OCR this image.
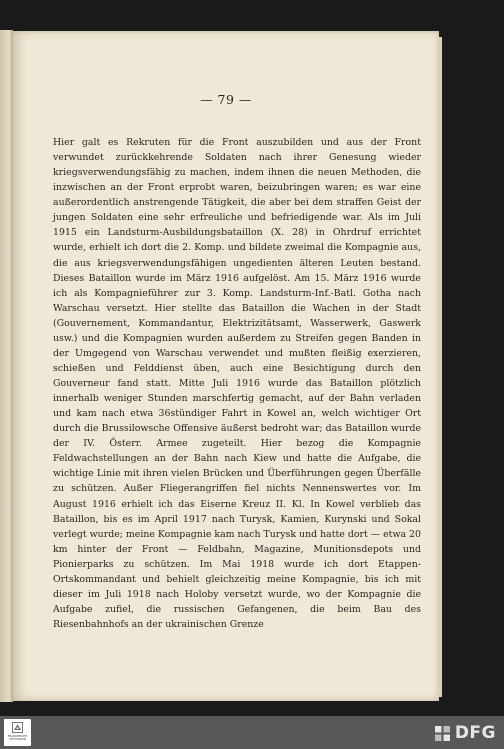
— 79 —

Hier galt es Rekruten für die Front auszubilden und aus der Front verwundet zurückkehrende Soldaten nach ihrer Genesung wieder kriegsverwendungsfähig zu machen, indem ihnen die neuen Methoden, die inzwischen an der Front erprobt waren, beizubringen waren; es war eine außerordentlich anstrengende Tätigkeit, die aber bei dem straffen Geist der jungen Soldaten eine sehr erfreuliche und befriedigende war. Als im Juli 1915 ein Landsturm-Ausbildungsbataillon (X. 28) in Ohrdruf errichtet wurde, erhielt ich dort die 2. Komp. und bildete zweimal die Kompagnie aus, die aus kriegsverwendungsfähigen ungedienten älteren Leuten bestand. Dieses Bataillon wurde im März 1916 aufgelöst. Am 15. März 1916 wurde ich als Kompagnieführer zur 3. Komp. Landsturm-Inf.-Batl. Gotha nach Warschau versetzt. Hier stellte das Bataillon die Wachen in der Stadt (Gouvernement, Kommandantur, Elektrizitätsamt, Wasserwerk, Gaswerk usw.) und die Kompagnien wurden außerdem zu Streifen gegen Banden in der Umgegend von Warschau verwendet und mußten fleißig exerzieren, schießen und Felddienst üben, auch eine Besichtigung durch den Gouverneur fand statt. Mitte Juli 1916 wurde das Bataillon plötzlich innerhalb weniger Stunden marschfertig gemacht, auf der Bahn verladen und kam nach etwa 36stündiger Fahrt in Kowel an, welch wichtiger Ort durch die Brussilowsche Offensive äußerst bedroht war; das Bataillon wurde der IV. Österr. Armee zugeteilt. Hier bezog die Kompagnie Feldwachstellungen an der Bahn nach Kiew und hatte die Aufgabe, die wichtige Linie mit ihren vielen Brücken und Überführungen gegen Überfälle zu schützen. Außer Fliegerangriffen fiel nichts Nennenswertes vor. Im August 1916 erhielt ich das Eiserne Kreuz II. Kl. In Kowel verblieb das Bataillon, bis es im April 1917 nach Turysk, Kamien, Kurynski und Sokal verlegt wurde; meine Kompagnie kam nach Turysk und hatte dort — etwa 20 km hinter der Front — Feldbahn, Magazine, Munitionsdepots und Pionierparks zu schützen. Im Mai 1918 wurde ich dort Etappen-Ortskommandant und behielt gleichzeitig meine Kompagnie, bis ich mit dieser im Juli 1918 nach Holoby versetzt wurde, wo der Kompagnie die Aufgabe zufiel, die russischen Gefangenen, die beim Bau des Riesenbahnhofs an der ukrainischen Grenze

FRANCKESCHE STIFTUNGEN	DFG
